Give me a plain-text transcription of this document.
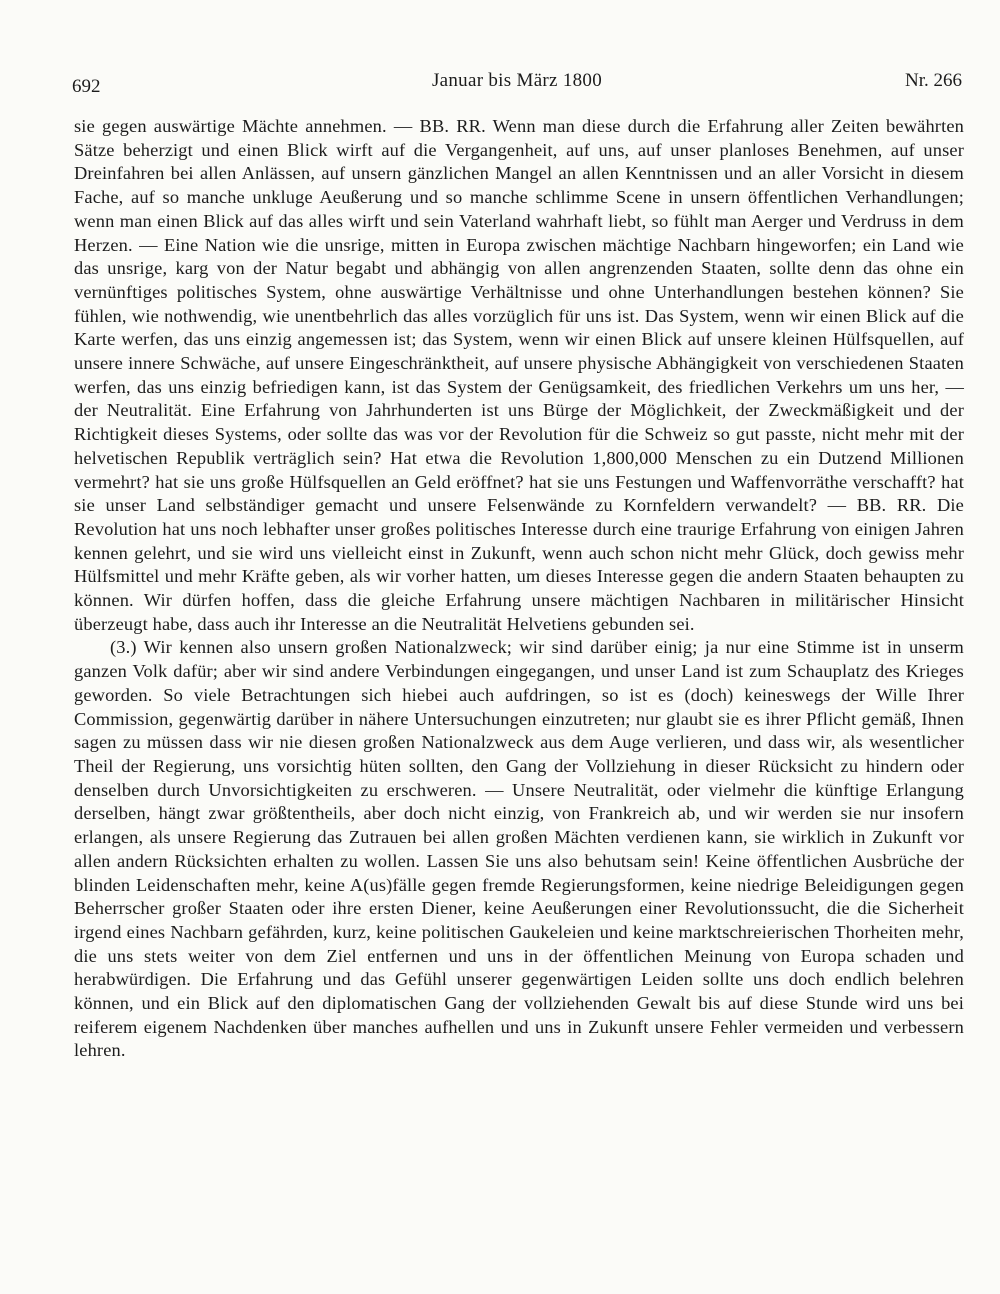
692	Januar bis März 1800	Nr. 266

sie gegen auswärtige Mächte annehmen. — BB. RR. Wenn man diese durch die Erfahrung aller Zeiten bewährten Sätze beherzigt und einen Blick wirft auf die Vergangenheit, auf uns, auf unser planloses Benehmen, auf unser Dreinfahren bei allen Anlässen, auf unsern gänzlichen Mangel an allen Kenntnissen und an aller Vorsicht in diesem Fache, auf so manche unkluge Aeußerung und so manche schlimme Scene in unsern öffentlichen Verhandlungen; wenn man einen Blick auf das alles wirft und sein Vaterland wahrhaft liebt, so fühlt man Aerger und Verdruss in dem Herzen. — Eine Nation wie die unsrige, mitten in Europa zwischen mächtige Nachbarn hingeworfen; ein Land wie das unsrige, karg von der Natur begabt und abhängig von allen angrenzenden Staaten, sollte denn das ohne ein vernünftiges politisches System, ohne auswärtige Verhältnisse und ohne Unterhandlungen bestehen können? Sie fühlen, wie nothwendig, wie unentbehrlich das alles vorzüglich für uns ist. Das System, wenn wir einen Blick auf die Karte werfen, das uns einzig angemessen ist; das System, wenn wir einen Blick auf unsere kleinen Hülfsquellen, auf unsere innere Schwäche, auf unsere Eingeschränktheit, auf unsere physische Abhängigkeit von verschiedenen Staaten werfen, das uns einzig befriedigen kann, ist das System der Genügsamkeit, des friedlichen Verkehrs um uns her, — der Neutralität. Eine Erfahrung von Jahrhunderten ist uns Bürge der Möglichkeit, der Zweckmäßigkeit und der Richtigkeit dieses Systems, oder sollte das was vor der Revolution für die Schweiz so gut passte, nicht mehr mit der helvetischen Republik verträglich sein? Hat etwa die Revolution 1,800,000 Menschen zu ein Dutzend Millionen vermehrt? hat sie uns große Hülfsquellen an Geld eröffnet? hat sie uns Festungen und Waffenvorräthe verschafft? hat sie unser Land selbständiger gemacht und unsere Felsenwände zu Kornfeldern verwandelt? — BB. RR. Die Revolution hat uns noch lebhafter unser großes politisches Interesse durch eine traurige Erfahrung von einigen Jahren kennen gelehrt, und sie wird uns vielleicht einst in Zukunft, wenn auch schon nicht mehr Glück, doch gewiss mehr Hülfsmittel und mehr Kräfte geben, als wir vorher hatten, um dieses Interesse gegen die andern Staaten behaupten zu können. Wir dürfen hoffen, dass die gleiche Erfahrung unsere mächtigen Nachbaren in militärischer Hinsicht überzeugt habe, dass auch ihr Interesse an die Neutralität Helvetiens gebunden sei.

(3.) Wir kennen also unsern großen Nationalzweck; wir sind darüber einig; ja nur eine Stimme ist in unserm ganzen Volk dafür; aber wir sind andere Verbindungen eingegangen, und unser Land ist zum Schauplatz des Krieges geworden. So viele Betrachtungen sich hiebei auch aufdringen, so ist es (doch) keineswegs der Wille Ihrer Commission, gegenwärtig darüber in nähere Untersuchungen einzutreten; nur glaubt sie es ihrer Pflicht gemäß, Ihnen sagen zu müssen dass wir nie diesen großen Nationalzweck aus dem Auge verlieren, und dass wir, als wesentlicher Theil der Regierung, uns vorsichtig hüten sollten, den Gang der Vollziehung in dieser Rücksicht zu hindern oder denselben durch Unvorsichtigkeiten zu erschweren. — Unsere Neutralität, oder vielmehr die künftige Erlangung derselben, hängt zwar größtentheils, aber doch nicht einzig, von Frankreich ab, und wir werden sie nur insofern erlangen, als unsere Regierung das Zutrauen bei allen großen Mächten verdienen kann, sie wirklich in Zukunft vor allen andern Rücksichten erhalten zu wollen. Lassen Sie uns also behutsam sein! Keine öffentlichen Ausbrüche der blinden Leidenschaften mehr, keine A(us)fälle gegen fremde Regierungsformen, keine niedrige Beleidigungen gegen Beherrscher großer Staaten oder ihre ersten Diener, keine Aeußerungen einer Revolutionssucht, die die Sicherheit irgend eines Nachbarn gefährden, kurz, keine politischen Gaukeleien und keine marktschreierischen Thorheiten mehr, die uns stets weiter von dem Ziel entfernen und uns in der öffentlichen Meinung von Europa schaden und herabwürdigen. Die Erfahrung und das Gefühl unserer gegenwärtigen Leiden sollte uns doch endlich belehren können, und ein Blick auf den diplomatischen Gang der vollziehenden Gewalt bis auf diese Stunde wird uns bei reiferem eigenem Nachdenken über manches aufhellen und uns in Zukunft unsere Fehler vermeiden und verbessern lehren.
